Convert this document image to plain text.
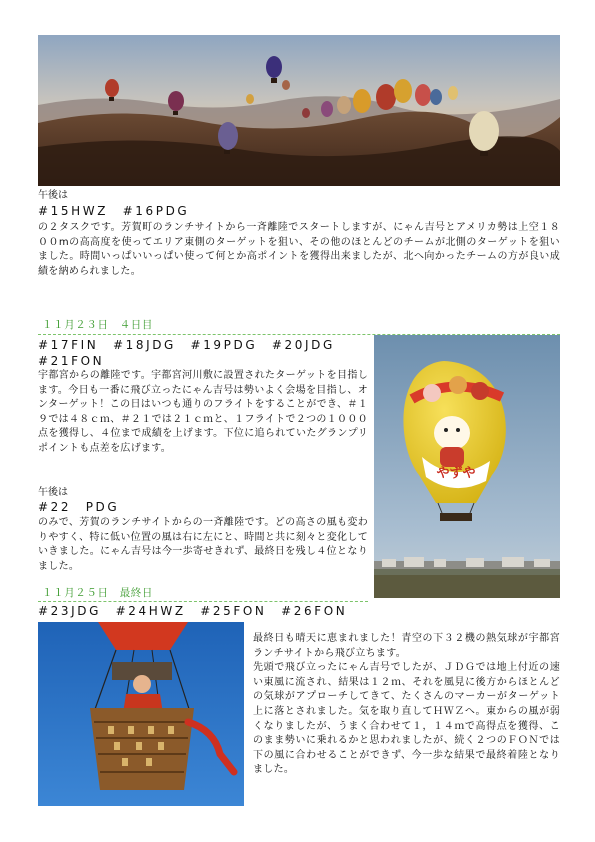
午後は
#15HWZ　#16PDG
の２タスクです。芳賀町のランチサイトから一斉離陸でスタートしますが、にゃん吉号とアメリカ勢は上空１８００mの高高度を使ってエリア東側のターゲットを狙い、その他のほとんどのチームが北側のターゲットを狙いました。時間いっぱいいっぱい使って何とか高ポイントを獲得出来ましたが、北へ向かったチームの方が良い成績を納められました。
１１月２３日　４日目
#17FIN　#18JDG　#19PDG　#20JDG
#21FON
宇都宮からの離陸です。宇都宮河川敷に設置されたターゲットを目指します。今日も一番に飛び立ったにゃん吉号は勢いよく会場を目指し、オンターゲット！この日はいつも通りのフライトをすることができ、＃１９では４８ｃｍ、＃２１では２１ｃｍと、１フライトで２つの１０００点を獲得し、４位まで成績を上げます。下位に追られていたグランプリポイントも点差を広げます。
午後は
#22　PDG
のみで、芳賀のランチサイトからの一斉離陸です。どの高さの風も変わりやすく、特に低い位置の風は右に左にと、時間と共に刻々と変化していきました。にゃん吉号は今一歩寄せきれず、最終日を残し４位となりました。
やずや
１１月２５日　最終日
#23JDG　#24HWZ　#25FON　#26FON
最終日も晴天に恵まれました！青空の下３２機の熱気球が宇都宮ランチサイトから飛び立ちます。
先頭で飛び立ったにゃん吉号でしたが、ＪＤＧでは地上付近の速い東風に流され、結果は１２ｍ、それを風見に後方からほとんどの気球がアプローチしてきて、たくさんのマーカーがターゲット上に落とされました。気を取り直してＨＷＺへ。東からの風が弱くなりましたが、うまく合わせて１，１４ｍで高得点を獲得、このまま勢いに乗れるかと思われましたが、続く２つのＦＯＮでは下の風に合わせることができず、今一歩な結果で最終着陸となりました。
